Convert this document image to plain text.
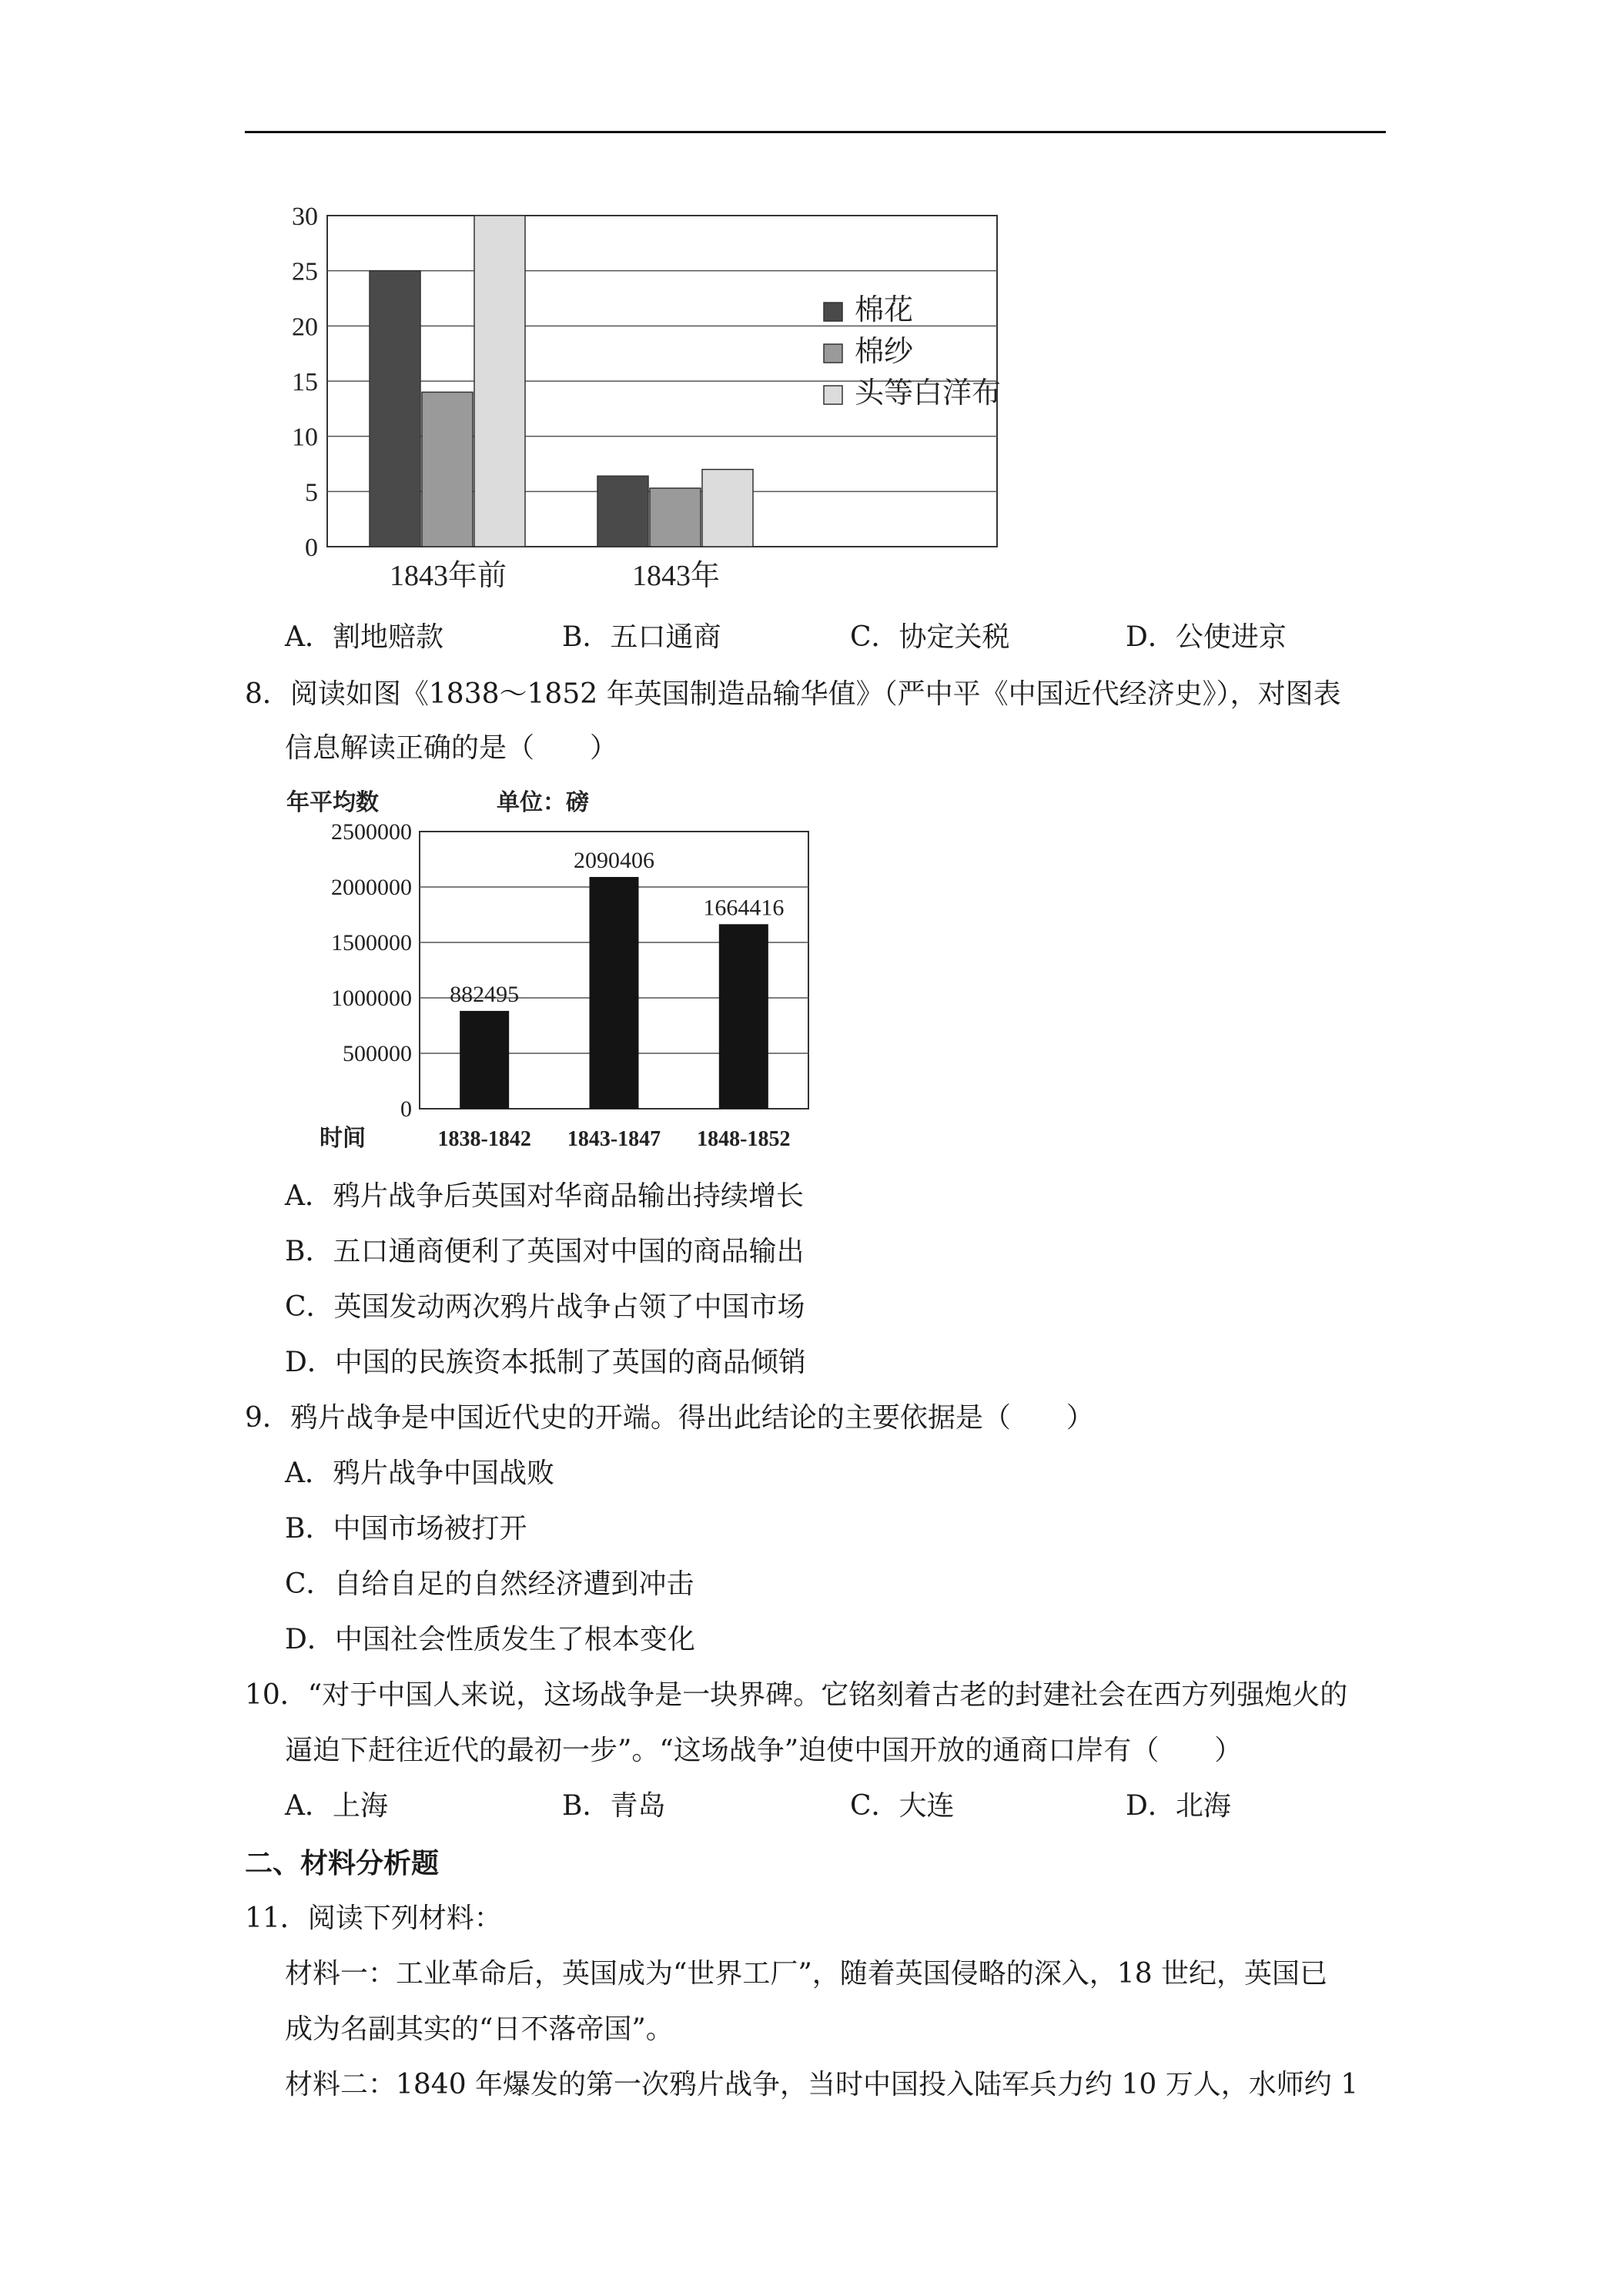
0
5
10
15
20
25
30
1843年前	1843年
棉花
棉纱
头等白洋布
A．割地赔款	B．五口通商	C．协定关税	D．公使进京
8．阅读如图《1838～1852 年英国制造品输华值》（严中平《中国近代经济史》），对图表
信息解读正确的是（　　）
年平均数	单位：磅
0
500000
1000000
1500000
2000000
2500000
882495
1838-1842
2090406
1843-1847
1664416
1848-1852
时间
A．鸦片战争后英国对华商品输出持续增长
B．五口通商便利了英国对中国的商品输出
C．英国发动两次鸦片战争占领了中国市场
D．中国的民族资本抵制了英国的商品倾销
9．鸦片战争是中国近代史的开端。得出此结论的主要依据是（　　）
A．鸦片战争中国战败
B．中国市场被打开
C．自给自足的自然经济遭到冲击
D．中国社会性质发生了根本变化
10．“对于中国人来说，这场战争是一块界碑。它铭刻着古老的封建社会在西方列强炮火的
逼迫下赶往近代的最初一步”。“这场战争”迫使中国开放的通商口岸有（　　）
A．上海	B．青岛	C．大连	D．北海
二、材料分析题
11．阅读下列材料：
材料一：工业革命后，英国成为“世界工厂”，随着英国侵略的深入，18 世纪，英国已
成为名副其实的“日不落帝国”。
材料二：1840 年爆发的第一次鸦片战争，当时中国投入陆军兵力约 10 万人，水师约 1
